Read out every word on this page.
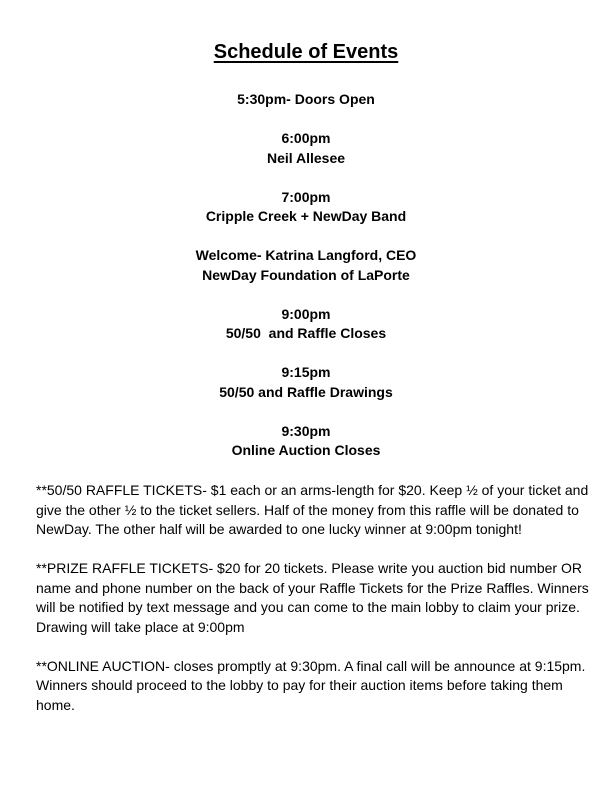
Schedule of Events
5:30pm- Doors Open
6:00pm
Neil Allesee
7:00pm
Cripple Creek + NewDay Band
Welcome- Katrina Langford, CEO
NewDay Foundation of LaPorte
9:00pm
50/50  and Raffle Closes
9:15pm
50/50 and Raffle Drawings
9:30pm
Online Auction Closes

**50/50 RAFFLE TICKETS- $1 each or an arms-length for $20. Keep ½ of your ticket and give the other ½ to the ticket sellers. Half of the money from this raffle will be donated to NewDay. The other half will be awarded to one lucky winner at 9:00pm tonight!

**PRIZE RAFFLE TICKETS- $20 for 20 tickets. Please write you auction bid number OR name and phone number on the back of your Raffle Tickets for the Prize Raffles. Winners will be notified by text message and you can come to the main lobby to claim your prize. Drawing will take place at 9:00pm

**ONLINE AUCTION- closes promptly at 9:30pm. A final call will be announce at 9:15pm. Winners should proceed to the lobby to pay for their auction items before taking them home.
